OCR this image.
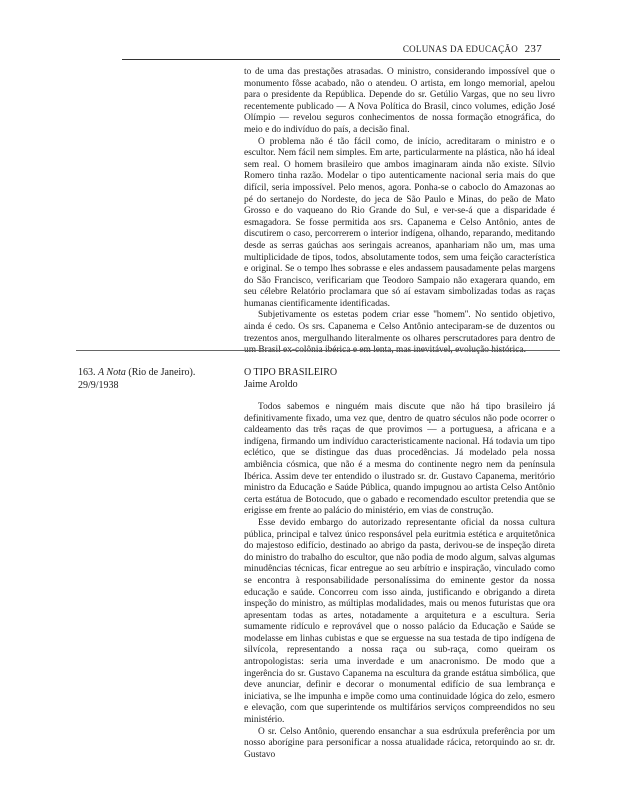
COLUNAS DA EDUCAÇÃO 237

to de uma das prestações atrasadas. O ministro, considerando impossível que o monumento fôsse acabado, não o atendeu. O artista, em longo memorial, apelou para o presidente da República. Depende do sr. Getúlio Vargas, que no seu livro recentemente publicado — A Nova Política do Brasil, cinco volumes, edição José Olímpio — revelou seguros conhecimentos de nossa formação etnográfica, do meio e do indivíduo do país, a decisão final.

O problema não é tão fácil como, de início, acreditaram o ministro e o escultor. Nem fácil nem simples. Em arte, particularmente na plástica, não há ideal sem real. O homem brasileiro que ambos imaginaram ainda não existe. Sílvio Romero tinha razão. Modelar o tipo autenticamente nacional seria mais do que difícil, seria impossível. Pelo menos, agora. Ponha-se o caboclo do Amazonas ao pé do sertanejo do Nordeste, do jeca de São Paulo e Minas, do peão de Mato Grosso e do vaqueano do Rio Grande do Sul, e ver-se-á que a disparidade é esmagadora. Se fosse permitida aos srs. Capanema e Celso Antônio, antes de discutirem o caso, percorrerem o interior indígena, olhando, reparando, meditando desde as serras gaúchas aos seringais acreanos, apanhariam não um, mas uma multiplicidade de tipos, todos, absolutamente todos, sem uma feição característica e original. Se o tempo lhes sobrasse e eles andassem pausadamente pelas margens do São Francisco, verificariam que Teodoro Sampaio não exagerara quando, em seu célebre Relatório proclamara que só aí estavam simbolizadas todas as raças humanas cientificamente identificadas.

Subjetivamente os estetas podem criar esse ''homem''. No sentido objetivo, ainda é cedo. Os srs. Capanema e Celso Antônio anteciparam-se de duzentos ou trezentos anos, mergulhando literalmente os olhares perscrutadores para dentro de um Brasil ex-colônia ibérica e em lenta, mas inevitável, evolução histórica.

163. A Nota (Rio de Janeiro).
29/9/1938
O TIPO BRASILEIRO
Jaime Aroldo

Todos sabemos e ninguém mais discute que não há tipo brasileiro já definitivamente fixado, uma vez que, dentro de quatro séculos não pode ocorrer o caldeamento das três raças de que provimos — a portuguesa, a africana e a indígena, firmando um indivíduo caracteristicamente nacional. Há todavia um tipo eclético, que se distingue das duas procedências. Já modelado pela nossa ambiência cósmica, que não é a mesma do continente negro nem da península Ibérica. Assim deve ter entendido o ilustrado sr. dr. Gustavo Capanema, meritório ministro da Educação e Saúde Pública, quando impugnou ao artista Celso Antônio certa estátua de Botocudo, que o gabado e recomendado escultor pretendia que se erigisse em frente ao palácio do ministério, em vias de construção.

Esse devido embargo do autorizado representante oficial da nossa cultura pública, principal e talvez único responsável pela euritmia estética e arquitetônica do majestoso edifício, destinado ao abrigo da pasta, derivou-se de inspeção direta do ministro do trabalho do escultor, que não podia de modo algum, salvas algumas minudências técnicas, ficar entregue ao seu arbítrio e inspiração, vinculado como se encontra à responsabilidade personalíssima do eminente gestor da nossa educação e saúde. Concorreu com isso ainda, justificando e obrigando a direta inspeção do ministro, as múltiplas modalidades, mais ou menos futuristas que ora apresentam todas as artes, notadamente a arquitetura e a escultura. Seria sumamente ridículo e reprovável que o nosso palácio da Educação e Saúde se modelasse em linhas cubistas e que se erguesse na sua testada de tipo indígena de silvícola, representando a nossa raça ou sub-raça, como queiram os antropologistas: seria uma inverdade e um anacronismo. De modo que a ingerência do sr. Gustavo Capanema na escultura da grande estátua simbólica, que deve anunciar, definir e decorar o monumental edifício de sua lembrança e iniciativa, se lhe impunha e impõe como uma continuidade lógica do zelo, esmero e elevação, com que superintende os multifários serviços compreendidos no seu ministério.

O sr. Celso Antônio, querendo ensanchar a sua esdrúxula preferência por um nosso aborígine para personificar a nossa atualidade rácica, retorquindo ao sr. dr. Gustavo
